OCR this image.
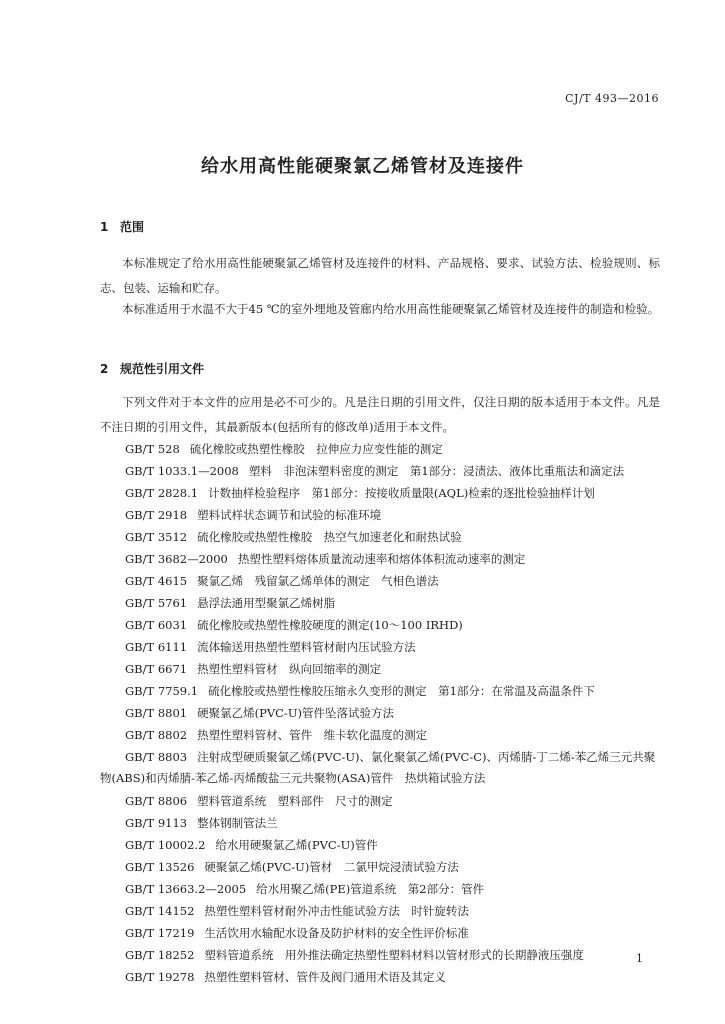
CJ/T 493—2016
给水用高性能硬聚氯乙烯管材及连接件
1 范围

本标准规定了给水用高性能硬聚氯乙烯管材及连接件的材料、产品规格、要求、试验方法、检验规则、标志、包装、运输和贮存。

本标准适用于水温不大于45 ℃的室外埋地及管廊内给水用高性能硬聚氯乙烯管材及连接件的制造和检验。

2 规范性引用文件

下列文件对于本文件的应用是必不可少的。凡是注日期的引用文件，仅注日期的版本适用于本文件。凡是不注日期的引用文件，其最新版本(包括所有的修改单)适用于本文件。

GB/T 528 硫化橡胶或热塑性橡胶　拉伸应力应变性能的测定
GB/T 1033.1—2008 塑料　非泡沫塑料密度的测定　第1部分：浸渍法、液体比重瓶法和滴定法
GB/T 2828.1 计数抽样检验程序　第1部分：按接收质量限(AQL)检索的逐批检验抽样计划
GB/T 2918 塑料试样状态调节和试验的标准环境
GB/T 3512 硫化橡胶或热塑性橡胶　热空气加速老化和耐热试验
GB/T 3682—2000 热塑性塑料熔体质量流动速率和熔体体积流动速率的测定
GB/T 4615 聚氯乙烯　残留氯乙烯单体的测定　气相色谱法
GB/T 5761 悬浮法通用型聚氯乙烯树脂
GB/T 6031 硫化橡胶或热塑性橡胶硬度的测定(10～100 IRHD)
GB/T 6111 流体输送用热塑性塑料管材耐内压试验方法
GB/T 6671 热塑性塑料管材　纵向回缩率的测定
GB/T 7759.1 硫化橡胶或热塑性橡胶压缩永久变形的测定　第1部分：在常温及高温条件下
GB/T 8801 硬聚氯乙烯(PVC-U)管件坠落试验方法
GB/T 8802 热塑性塑料管材、管件　维卡软化温度的测定
GB/T 8803 注射成型硬质聚氯乙烯(PVC-U)、氯化聚氯乙烯(PVC-C)、丙烯腈-丁二烯-苯乙烯三元共聚物(ABS)和丙烯腈-苯乙烯-丙烯酸盐三元共聚物(ASA)管件　热烘箱试验方法
GB/T 8806 塑料管道系统　塑料部件　尺寸的测定
GB/T 9113 整体钢制管法兰
GB/T 10002.2 给水用硬聚氯乙烯(PVC-U)管件
GB/T 13526 硬聚氯乙烯(PVC-U)管材　二氯甲烷浸渍试验方法
GB/T 13663.2—2005 给水用聚乙烯(PE)管道系统　第2部分：管件
GB/T 14152 热塑性塑料管材耐外冲击性能试验方法　时针旋转法
GB/T 17219 生活饮用水输配水设备及防护材料的安全性评价标准
GB/T 18252 塑料管道系统　用外推法确定热塑性塑料材料以管材形式的长期静液压强度
GB/T 19278 热塑性塑料管材、管件及阀门通用术语及其定义
1
